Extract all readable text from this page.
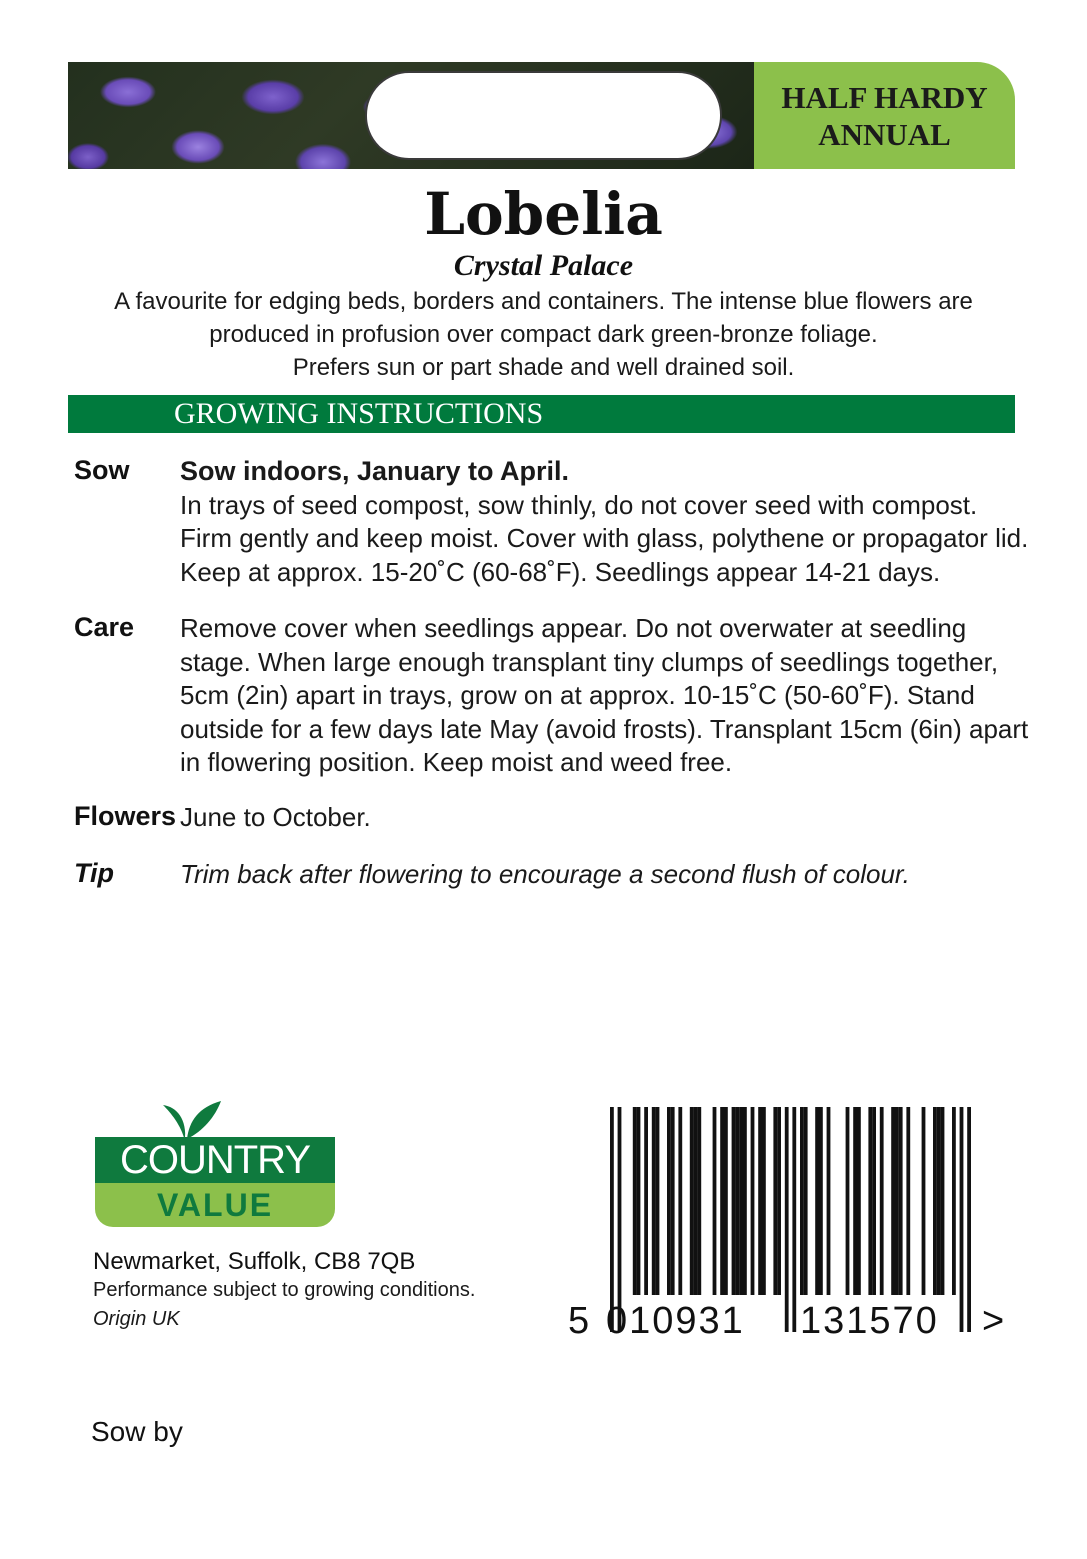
HALF HARDY
ANNUAL
Lobelia
Crystal Palace
A favourite for edging beds, borders and containers. The intense blue flowers are
produced in profusion over compact dark green-bronze foliage.
Prefers sun or part shade and well drained soil.
GROWING INSTRUCTIONS
Sow Sow indoors, January to April.
In trays of seed compost, sow thinly, do not cover seed with compost.
Firm gently and keep moist. Cover with glass, polythene or propagator lid.
Keep at approx. 15-20˚C (60-68˚F). Seedlings appear 14-21 days.
Care Remove cover when seedlings appear. Do not overwater at seedling
stage. When large enough transplant tiny clumps of seedlings together,
5cm (2in) apart in trays, grow on at approx. 10-15˚C (50-60˚F). Stand
outside for a few days late May (avoid frosts). Transplant 15cm (6in) apart
in flowering position. Keep moist and weed free.
Flowers June to October.
Tip	Trim back after flowering to encourage a second flush of colour.
COUNTRY
VALUE
Newmarket, Suffolk, CB8 7QB
Performance subject to growing conditions.
Origin UK
Sow by
5 010931 131570 >
